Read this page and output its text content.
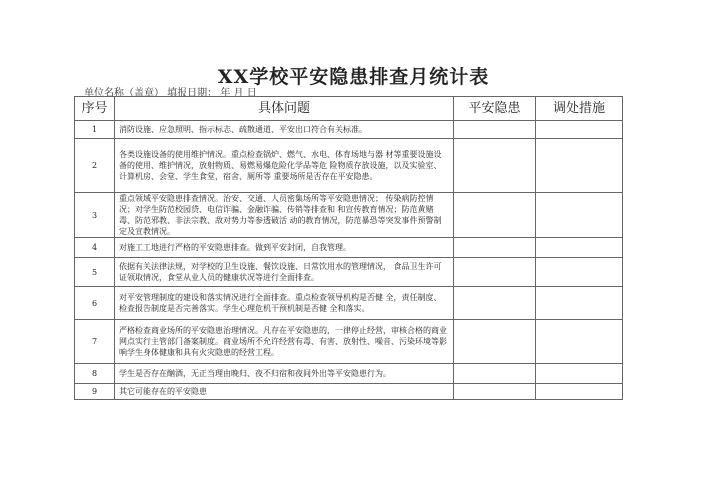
XX学校平安隐患排查月统计表
单位名称（盖章） 填报日期： 年 月 日
序号	具体问题	平安隐患	调处措施
1	消防设施、应急照明、指示标志、疏散通道、平安出口符合有关标准。		
2	各类设施设备的使用维护情况。重点检查锅炉、燃气、水电、体育场地与器 材等重要设施设备的使用、维护情况，放射物质、易燃易爆危险化学品等危 险物质存放设施，以及实验室、计算机房、会堂、学生食堂，宿舍、厕所等 重要场所是否存在平安隐患。		
3	重点领域平安隐患排查情况。治安、交通、人员密集场所等平安隐患情况； 传染病防控情况；对学生防范校园贷、电信诈骗、金融诈骗、传销等排查和 和宣传教育情况；防范黄赌毒、防范邪教、非法宗教、敌对势力等参透破活 动的教育情况，防范暴恐等突发事件预警制定及宣教情况。		
4	对施工工地进行严格的平安隐患排查。做到平安封闭，自我管理。		
5	依据有关法律法规，对学校的卫生设施、餐饮设施、日常饮用水的管理情况， 食品卫生许可证领取情况，食堂从业人员的健康状况等进行全面排查。		
6	对平安管理制度的建设和落实情况进行全面排查。重点检查领导机构是否健 全，责任制度、检查报告制度是否完善落实。学生心理危机干预机制是否健 全和落实。		
7	严格检查商业场所的平安隐患治理情况。凡存在平安隐患的，一律停止经营，审核合格的商业网点实行主管部门备案制度。商业场所不允许经营有毒、有害、放射性、噪音、污染环境等影响学生身体健康和具有火灾隐患的经营工程。		
8	学生是否存在酗酒，无正当理由晚归、夜不归宿和夜间外出等平安隐患行为。		
9	其它可能存在的平安隐患		
